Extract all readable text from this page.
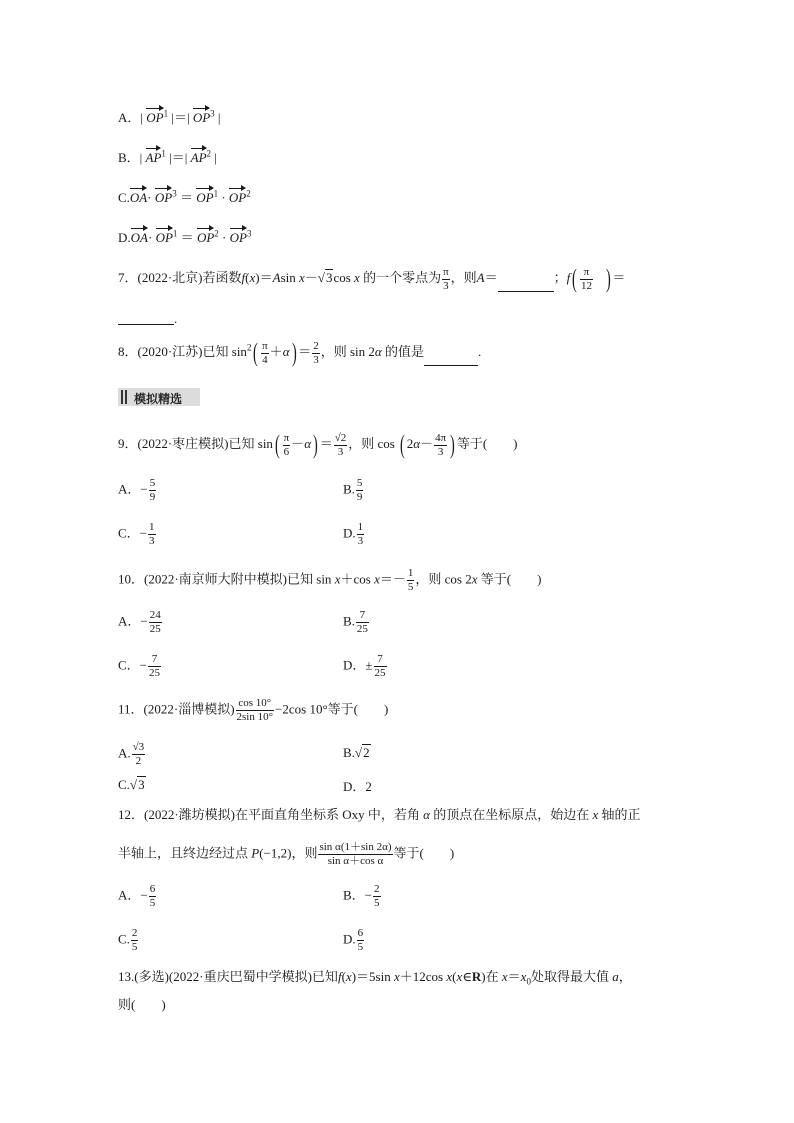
A．| $OP^1$ |＝| $OP^3$ |
B．| $AP^1$ |＝| $AP^2$ |
$C.OA\cdot OP^3 = OP^1 \cdot OP^2$
$D.OA\cdot OP^1 = OP^2 \cdot OP^3$
7．(2022·北京)若函数f(x)＝Asin x－√3cos x 的一个零点为 $\frac{\pi}{3}$ ，则A＝	；$f( \frac{\pi}{12}$ ) ＝
.
8．(2020·江苏)已知 $\sin^2( \frac{\pi}{4} +\alpha) = \frac{2}{3}$ ，则 sin 2α 的值是	.
模拟精选
9．(2022·枣庄模拟)已知 $\sin( \frac{\pi}{6} -\alpha) = \frac{√2}{3}$ ，则 cos ( $2\alpha- \frac{4\pi}{3}$ ) 等于(　　)
A．− $\frac{5}{9}$	B. $\frac{5}{9}$
C．− $\frac{1}{3}$	D. $\frac{1}{3}$
10．(2022·南京师大附中模拟)已知 sin x＋cos $x=- \frac{1}{5}$ ，则 cos 2x 等于(　　)
A．− $\frac{24}{25}$	B. $\frac{7}{25}$
C．− $\frac{7}{25}$	D．± $\frac{7}{25}$
11．(2022·淄博模拟) $\frac{\cos 10^\circ}{2\sin 10^\circ} -2\cos$ 10°等于(　　)
A. $\frac{√3}{2}$	B.√2
C.√3	D．2
12．(2022·潍坊模拟)在平面直角坐标系 Oxy 中，若角 α 的顶点在坐标原点，始边在 x 轴的正
半轴上，且终边经过点 P(−1,2)，则 $\frac{\text{sin α(1＋sin 2α)}}{\text{sin α＋cos α}}$ 等于(　　)
A．− $\frac{6}{5}$	B．− $\frac{2}{5}$
C. $\frac{2}{5}$	D. $\frac{6}{5}$
13.(多选)(2022·重庆巴蜀中学模拟)已知f(x)＝5sin x＋12cos x(x∈R)在 $x=x_0$处取得最大值 a，
则(　　)
